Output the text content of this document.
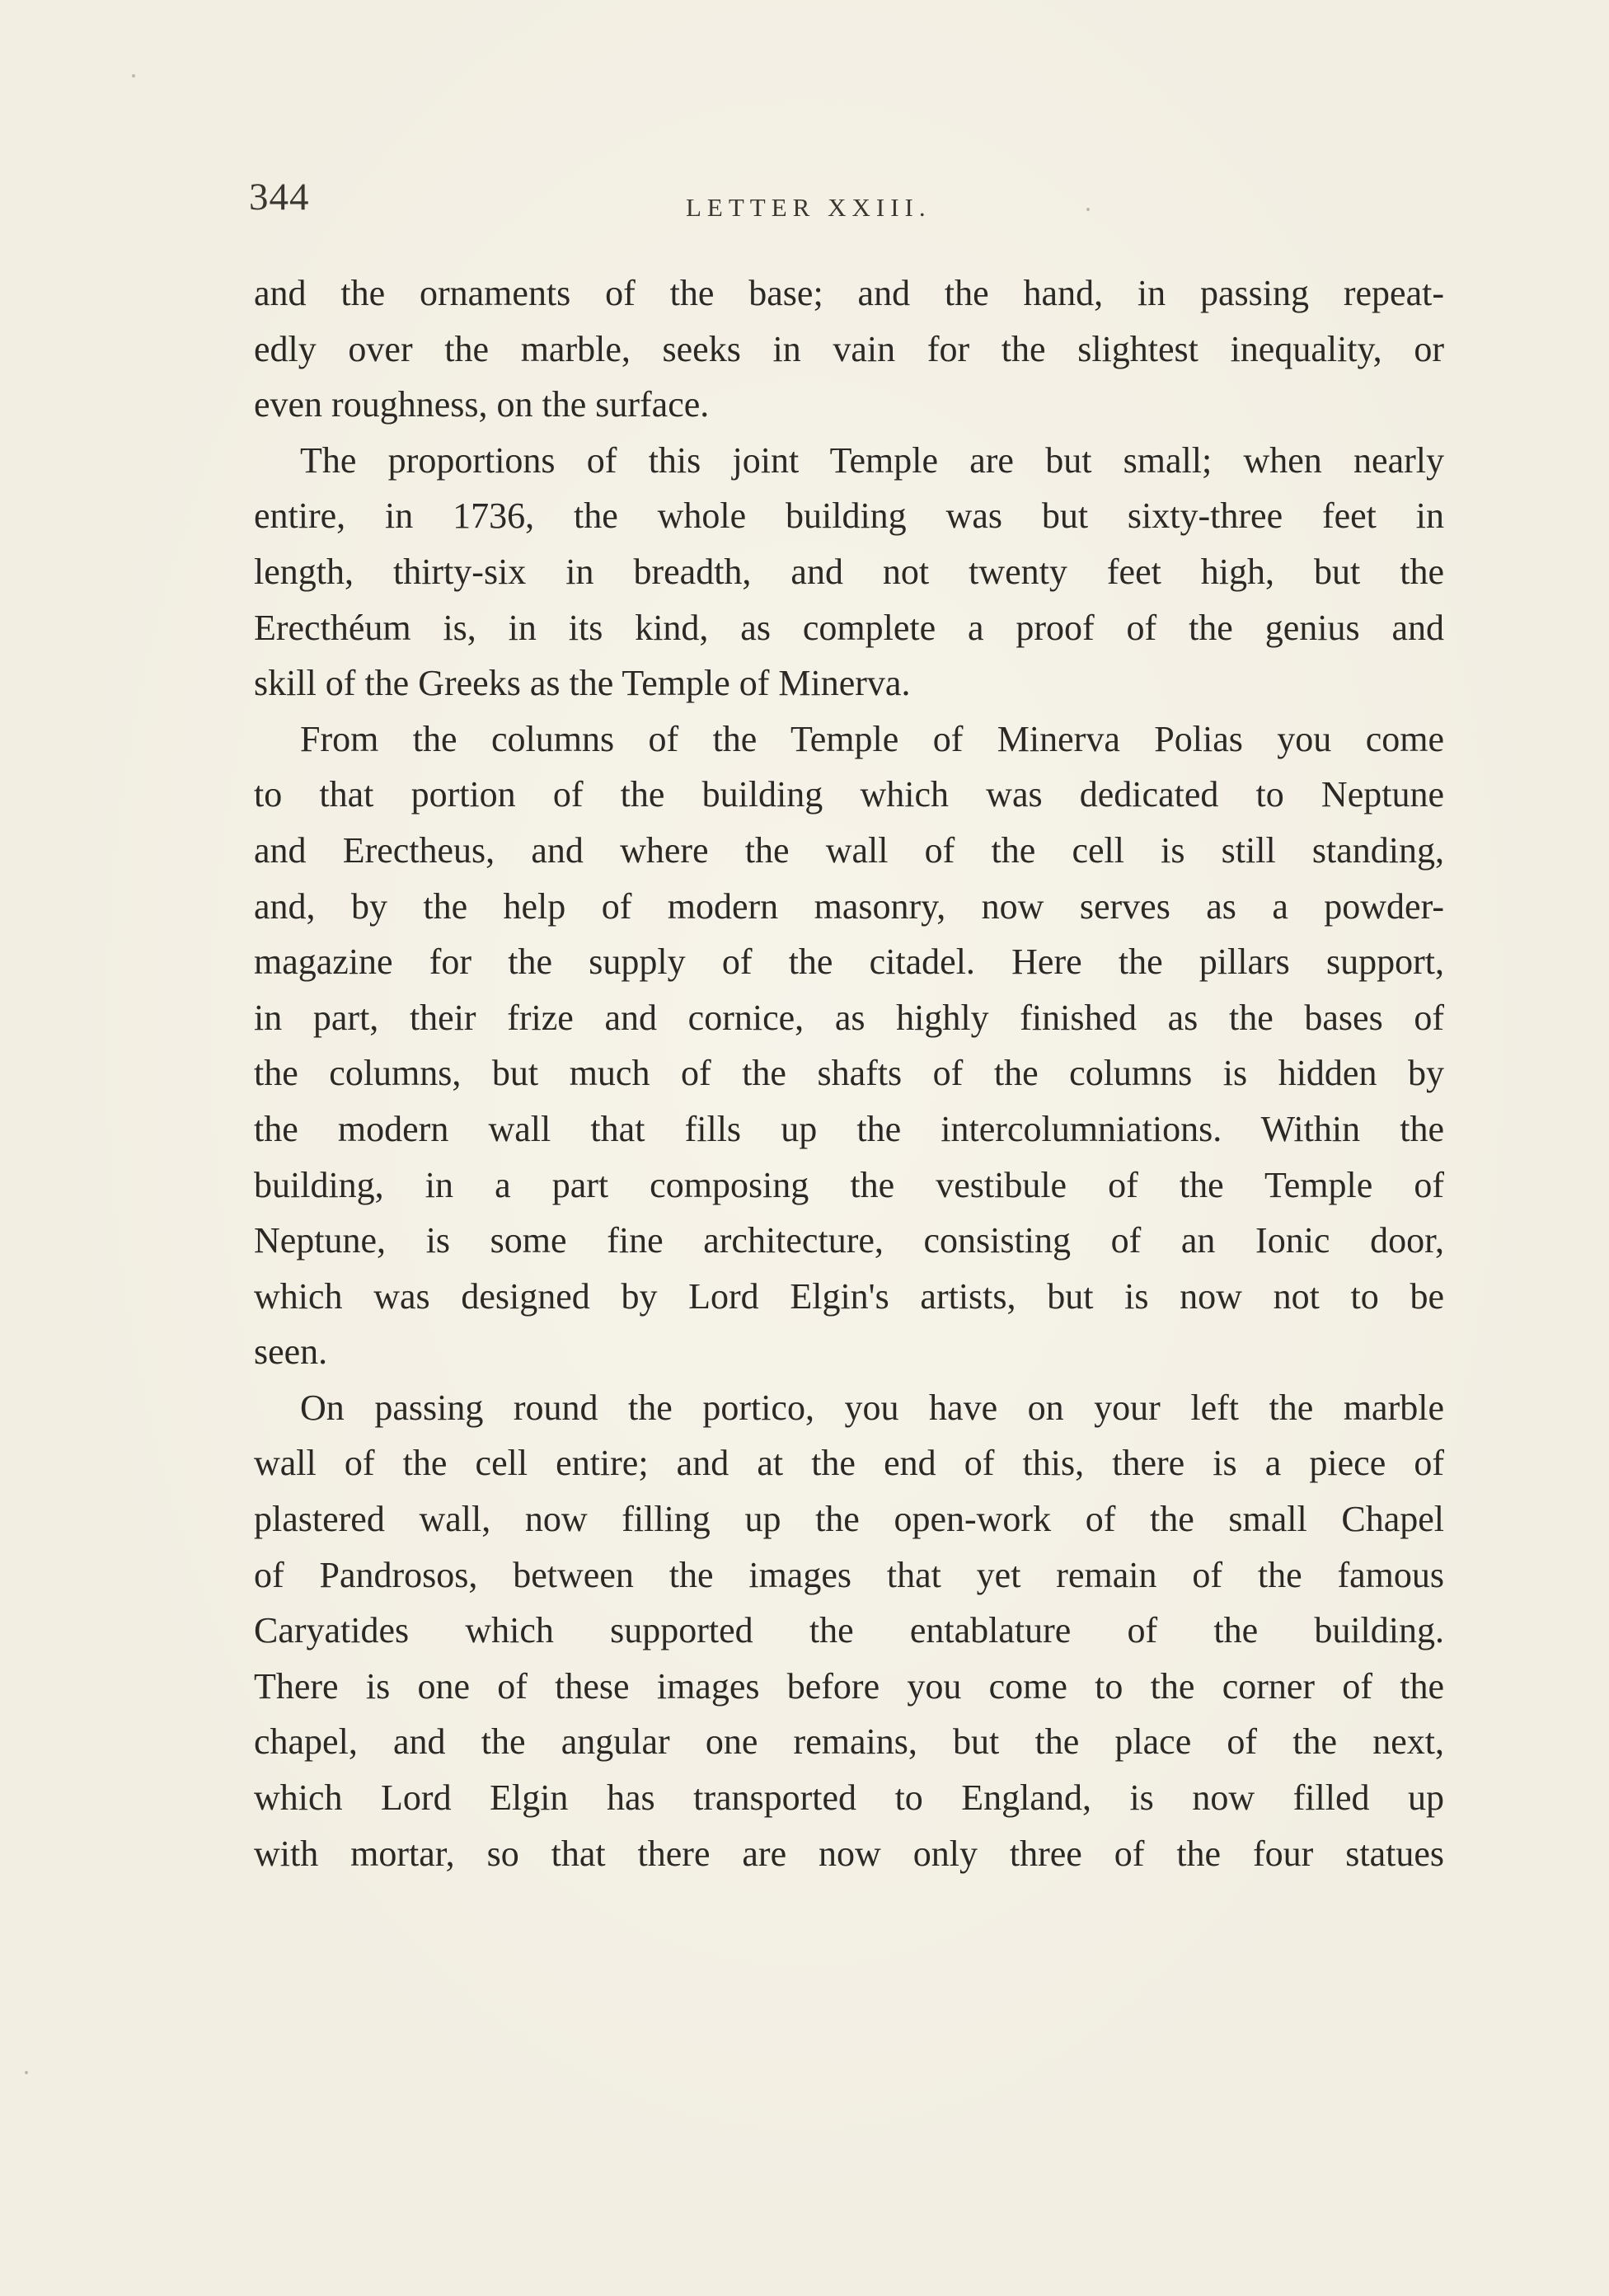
344	LETTER XXIII.
and the ornaments of the base; and the hand, in passing repeat-
edly over the marble, seeks in vain for the slightest inequality, or
even roughness, on the surface.
The proportions of this joint Temple are but small; when nearly
entire, in 1736, the whole building was but sixty-three feet in
length, thirty-six in breadth, and not twenty feet high, but the
Erecthéum is, in its kind, as complete a proof of the genius and
skill of the Greeks as the Temple of Minerva.
From the columns of the Temple of Minerva Polias you come
to that portion of the building which was dedicated to Neptune
and Erectheus, and where the wall of the cell is still standing,
and, by the help of modern masonry, now serves as a powder-
magazine for the supply of the citadel. Here the pillars support,
in part, their frize and cornice, as highly finished as the bases of
the columns, but much of the shafts of the columns is hidden by
the modern wall that fills up the intercolumniations. Within the
building, in a part composing the vestibule of the Temple of
Neptune, is some fine architecture, consisting of an Ionic door,
which was designed by Lord Elgin's artists, but is now not to be
seen.
On passing round the portico, you have on your left the marble
wall of the cell entire; and at the end of this, there is a piece of
plastered wall, now filling up the open-work of the small Chapel
of Pandrosos, between the images that yet remain of the famous
Caryatides which supported the entablature of the building.
There is one of these images before you come to the corner of the
chapel, and the angular one remains, but the place of the next,
which Lord Elgin has transported to England, is now filled up
with mortar, so that there are now only three of the four statues
